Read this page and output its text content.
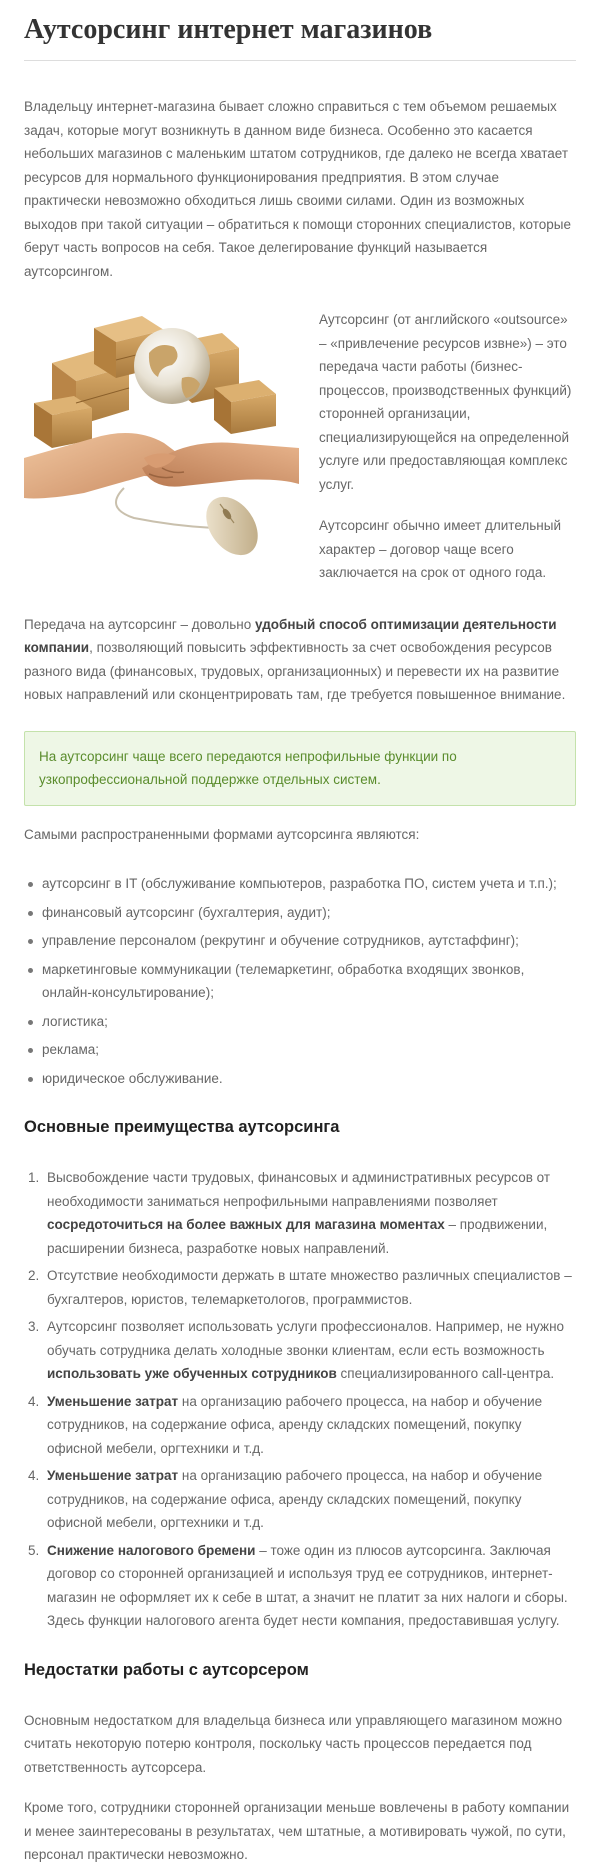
Аутсорсинг интернет магазинов

Владельцу интернет-магазина бывает сложно справиться с тем объемом решаемых задач, которые могут возникнуть в данном виде бизнеса. Особенно это касается небольших магазинов с маленьким штатом сотрудников, где далеко не всегда хватает ресурсов для нормального функционирования предприятия. В этом случае практически невозможно обходиться лишь своими силами. Один из возможных выходов при такой ситуации – обратиться к помощи сторонних специалистов, которые берут часть вопросов на себя. Такое делегирование функций называется аутсорсингом.

Аутсорсинг (от английского «outsource» – «привлечение ресурсов извне») – это передача части работы (бизнес-процессов, производственных функций) сторонней организации, специализирующейся на определенной услуге или предоставляющая комплекс услуг.

Аутсорсинг обычно имеет длительный характер – договор чаще всего заключается на срок от одного года.

Передача на аутсорсинг – довольно удобный способ оптимизации деятельности компании, позволяющий повысить эффективность за счет освобождения ресурсов разного вида (финансовых, трудовых, организационных) и перевести их на развитие новых направлений или сконцентрировать там, где требуется повышенное внимание.

На аутсорсинг чаще всего передаются непрофильные функции по узкопрофессиональной поддержке отдельных систем.

Самыми распространенными формами аутсорсинга являются:

аутсорсинг в IT (обслуживание компьютеров, разработка ПО, систем учета и т.п.);
финансовый аутсорсинг (бухгалтерия, аудит);
управление персоналом (рекрутинг и обучение сотрудников, аутстаффинг);
маркетинговые коммуникации (телемаркетинг, обработка входящих звонков, онлайн-консультирование);
логистика;
реклама;
юридическое обслуживание.
Основные преимущества аутсорсинга
1. Высвобождение части трудовых, финансовых и административных ресурсов от необходимости заниматься непрофильными направлениями позволяет сосредоточиться на более важных для магазина моментах – продвижении, расширении бизнеса, разработке новых направлений.
2. Отсутствие необходимости держать в штате множество различных специалистов – бухгалтеров, юристов, телемаркетологов, программистов.
3. Аутсорсинг позволяет использовать услуги профессионалов. Например, не нужно обучать сотрудника делать холодные звонки клиентам, если есть возможность использовать уже обученных сотрудников специализированного call-центра.
4. Уменьшение затрат на организацию рабочего процесса, на набор и обучение сотрудников, на содержание офиса, аренду складских помещений, покупку офисной мебели, оргтехники и т.д.
4. Уменьшение затрат на организацию рабочего процесса, на набор и обучение сотрудников, на содержание офиса, аренду складских помещений, покупку офисной мебели, оргтехники и т.д.
5. Снижение налогового бремени – тоже один из плюсов аутсорсинга. Заключая договор со сторонней организацией и используя труд ее сотрудников, интернет-магазин не оформляет их к себе в штат, а значит не платит за них налоги и сборы. Здесь функции налогового агента будет нести компания, предоставившая услугу.
Недостатки работы с аутсорсером

Основным недостатком для владельца бизнеса или управляющего магазином можно считать некоторую потерю контроля, поскольку часть процессов передается под ответственность аутсорсера.

Кроме того, сотрудники сторонней организации меньше вовлечены в работу компании и менее заинтересованы в результатах, чем штатные, а мотивировать чужой, по сути, персонал практически невозможно.
